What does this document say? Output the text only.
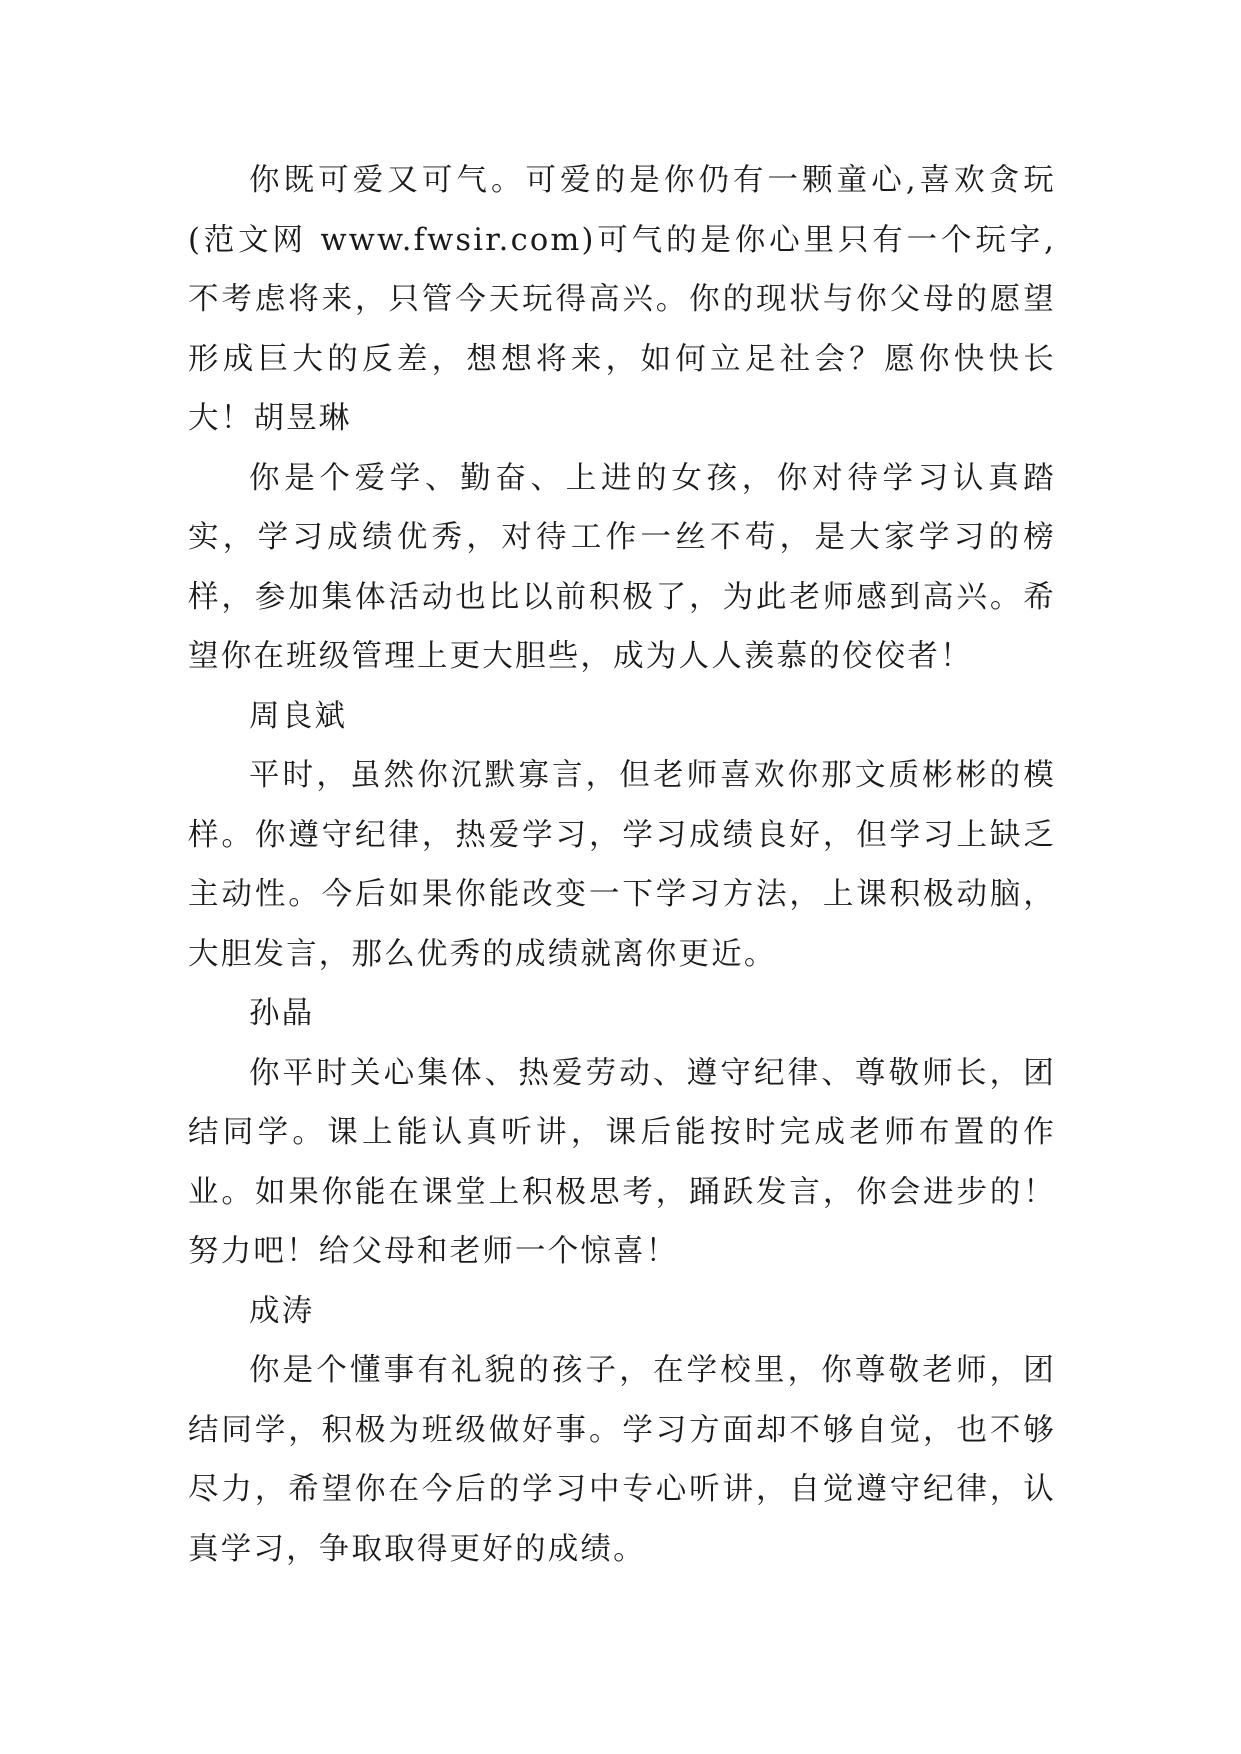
你既可爱又可气。可爱的是你仍有一颗童心,喜欢贪玩(范文网 www.fwsir.com)可气的是你心里只有一个玩字,不考虑将来，只管今天玩得高兴。你的现状与你父母的愿望形成巨大的反差，想想将来，如何立足社会？愿你快快长大！胡昱琳

你是个爱学、勤奋、上进的女孩，你对待学习认真踏实，学习成绩优秀，对待工作一丝不苟，是大家学习的榜样，参加集体活动也比以前积极了，为此老师感到高兴。希望你在班级管理上更大胆些，成为人人羡慕的佼佼者！

周良斌

平时，虽然你沉默寡言，但老师喜欢你那文质彬彬的模样。你遵守纪律，热爱学习，学习成绩良好，但学习上缺乏主动性。今后如果你能改变一下学习方法，上课积极动脑，大胆发言，那么优秀的成绩就离你更近。

孙晶

你平时关心集体、热爱劳动、遵守纪律、尊敬师长，团结同学。课上能认真听讲，课后能按时完成老师布置的作业。如果你能在课堂上积极思考，踊跃发言，你会进步的！努力吧！给父母和老师一个惊喜！

成涛

你是个懂事有礼貌的孩子，在学校里，你尊敬老师，团结同学，积极为班级做好事。学习方面却不够自觉，也不够尽力，希望你在今后的学习中专心听讲，自觉遵守纪律，认真学习，争取取得更好的成绩。
